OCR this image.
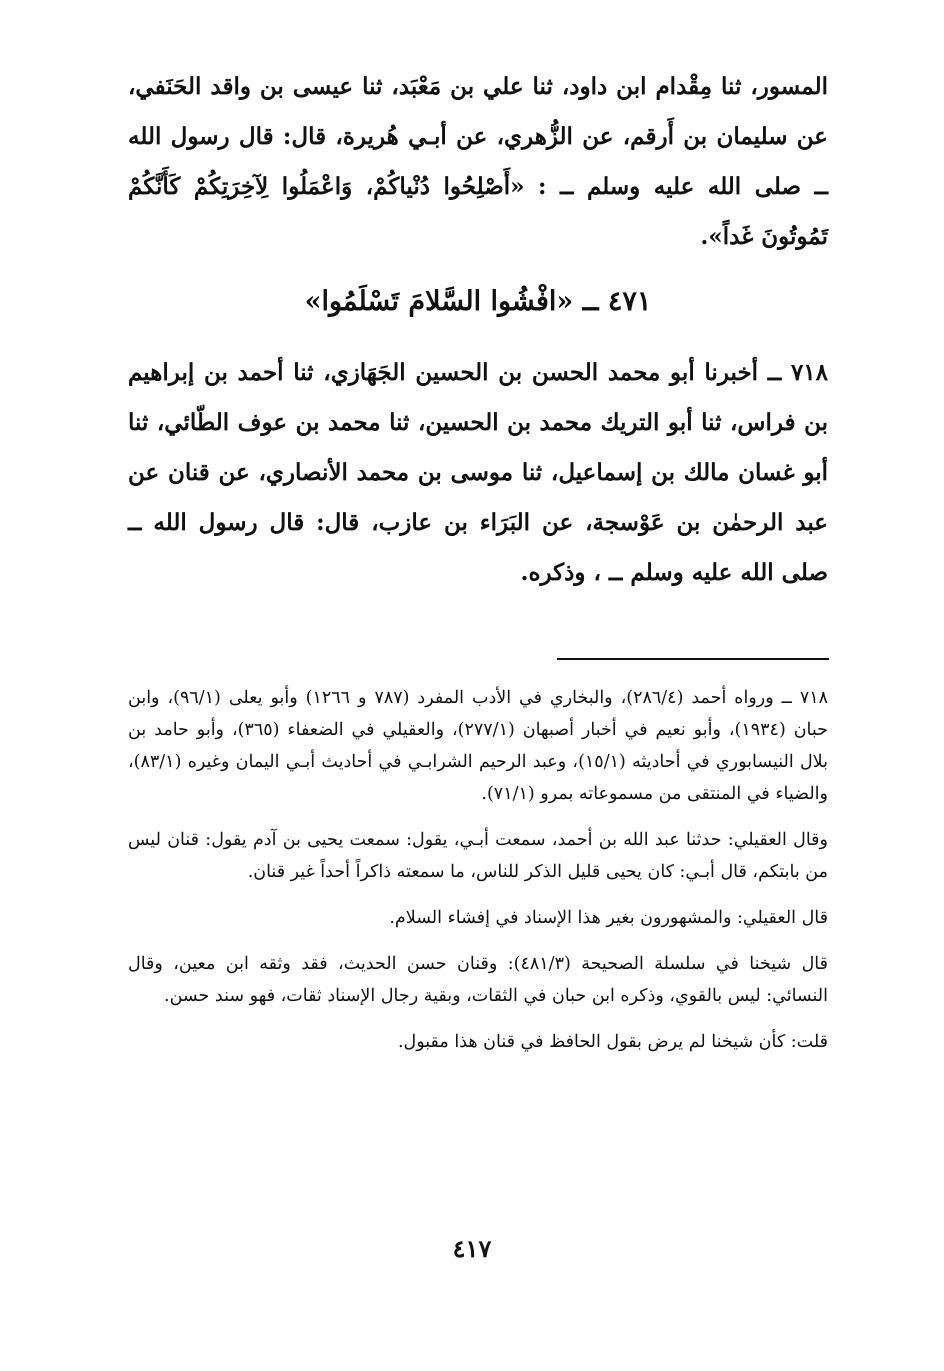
المسور، ثنا مِقْدام ابن داود، ثنا علي بن مَعْبَد، ثنا عيسى بن واقد الحَنَفي، عن سليمان بن أَرقم، عن الزُّهري، عن أبـي هُريرة، قال: قال رسول الله ــ صلى الله عليه وسلم ــ : «أَصْلِحُوا دُنْياكُمْ، وَاعْمَلُوا لِآخِرَتِكُمْ كَأَنَّكُمْ تَمُوتُونَ غَداً».

٤٧١ ــ «افْشُوا السَّلامَ تَسْلَمُوا»

٧١٨ ــ أخبرنا أبو محمد الحسن بن الحسين الجَهَازي، ثنا أحمد بن إبراهيم بن فراس، ثنا أبو التريك محمد بن الحسين، ثنا محمد بن عوف الطّائي، ثنا أبو غسان مالك بن إسماعيل، ثنا موسى بن محمد الأنصاري، عن قنان عن عبد الرحمٰن بن عَوْسجة، عن البَرَاء بن عازب، قال: قال رسول الله ــ صلى الله عليه وسلم ــ ، وذكره.

٧١٨ ــ ورواه أحمد (٢٨٦/٤)، والبخاري في الأدب المفرد (٧٨٧ و ١٢٦٦) وأبو يعلى (٩٦/١)، وابن حبان (١٩٣٤)، وأبو نعيم في أخبار أصبهان (٢٧٧/١)، والعقيلي في الضعفاء (٣٦٥)، وأبو حامد بن بلال النيسابوري في أحاديثه (١٥/١)، وعبد الرحيم الشرابـي في أحاديث أبـي اليمان وغيره (٨٣/١)، والضياء في المنتقى من مسموعاته بمرو (٧١/١).

وقال العقيلي: حدثنا عبد الله بن أحمد، سمعت أبـي، يقول: سمعت يحيى بن آدم يقول: قنان ليس من بابتكم، قال أبـي: كان يحيى قليل الذكر للناس، ما سمعته ذاكراً أحداً غير قنان.

قال العقيلي: والمشهورون بغير هذا الإسناد في إفشاء السلام.

قال شيخنا في سلسلة الصحيحة (٤٨١/٣): وقنان حسن الحديث، فقد وثقه ابن معين، وقال النسائي: ليس بالقوي، وذكره ابن حبان في الثقات، وبقية رجال الإسناد ثقات، فهو سند حسن.

قلت: كأن شيخنا لم يرض بقول الحافظ في قنان هذا مقبول.

٤١٧
